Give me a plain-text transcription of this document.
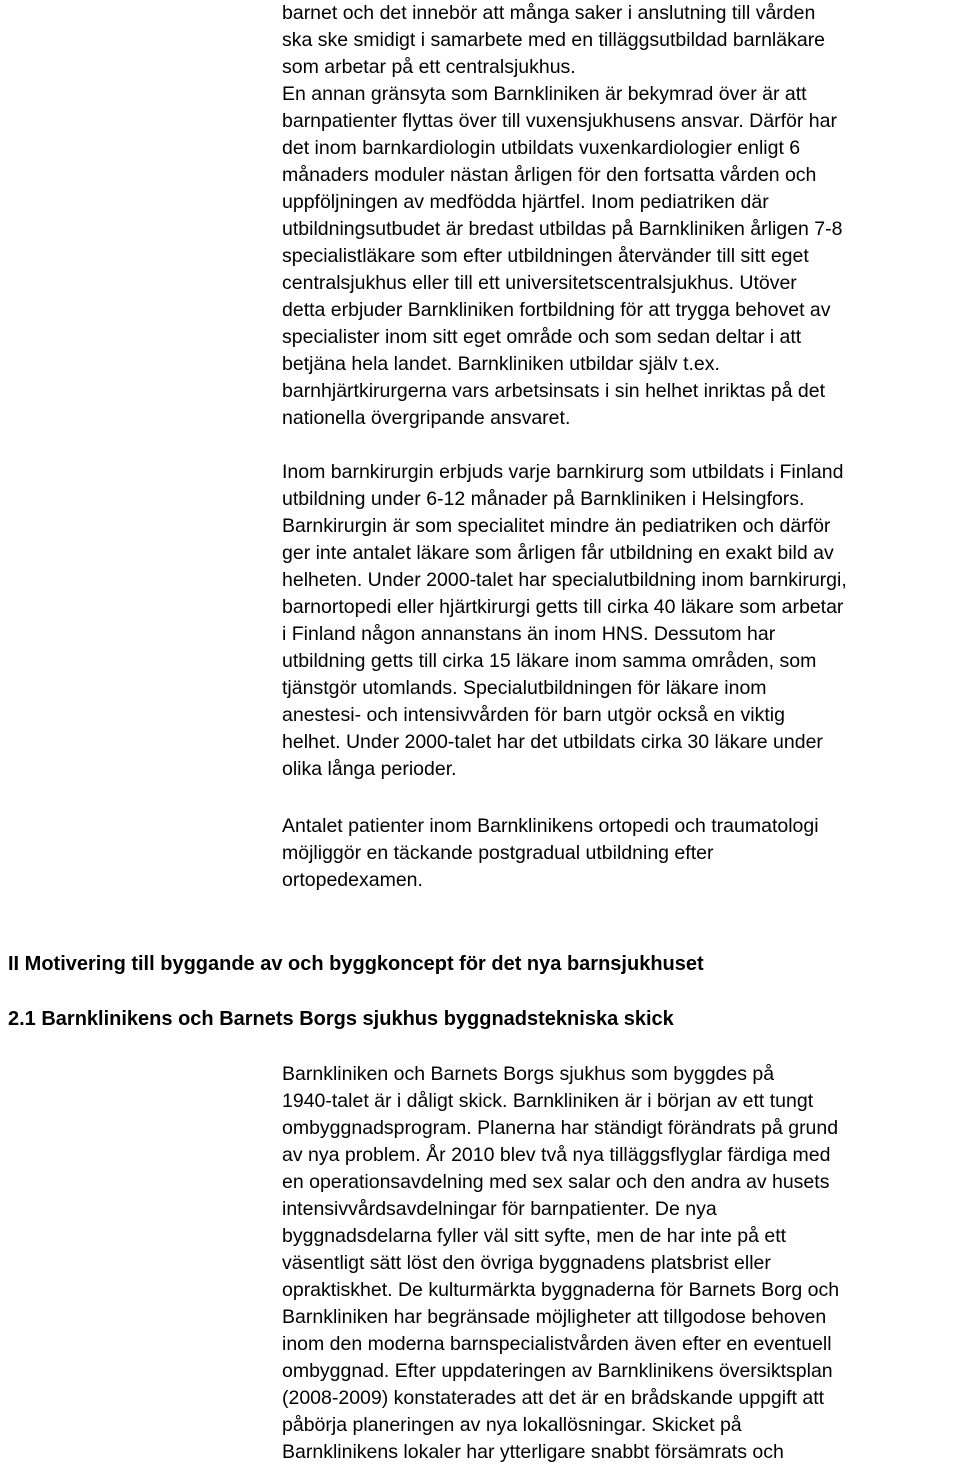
barnet och det innebör att många saker i anslutning till vården
ska ske smidigt i samarbete med en tilläggsutbildad barnläkare
som arbetar på ett centralsjukhus.
En annan gränsyta som Barnkliniken är bekymrad över är att
barnpatienter flyttas över till vuxensjukhusens ansvar. Därför har
det inom barnkardiologin utbildats vuxenkardiologier enligt 6
månaders moduler nästan årligen för den fortsatta vården och
uppföljningen av medfödda hjärtfel. Inom pediatriken där
utbildningsutbudet är bredast utbildas på Barnkliniken årligen 7-8
specialistläkare som efter utbildningen återvänder till sitt eget
centralsjukhus eller till ett universitetscentralsjukhus. Utöver
detta erbjuder Barnkliniken fortbildning för att trygga behovet av
specialister inom sitt eget område och som sedan deltar i att
betjäna hela landet. Barnkliniken utbildar själv t.ex.
barnhjärtkirurgerna vars arbetsinsats i sin helhet inriktas på det
nationella övergripande ansvaret.
Inom barnkirurgin erbjuds varje barnkirurg som utbildats i Finland
utbildning under 6-12 månader på Barnkliniken i Helsingfors.
Barnkirurgin är som specialitet mindre än pediatriken och därför
ger inte antalet läkare som årligen får utbildning en exakt bild av
helheten. Under 2000-talet har specialutbildning inom barnkirurgi,
barnortopedi eller hjärtkirurgi getts till cirka 40 läkare som arbetar
i Finland någon annanstans än inom HNS. Dessutom har
utbildning getts till cirka 15 läkare inom samma områden, som
tjänstgör utomlands. Specialutbildningen för läkare inom
anestesi- och intensivvården för barn utgör också en viktig
helhet. Under 2000-talet har det utbildats cirka 30 läkare under
olika långa perioder.
Antalet patienter inom Barnklinikens ortopedi och traumatologi
möjliggör en täckande postgradual utbildning efter
ortopedexamen.
II Motivering till byggande av och byggkoncept för det nya barnsjukhuset
2.1 Barnklinikens och Barnets Borgs sjukhus byggnadstekniska skick
Barnkliniken och Barnets Borgs sjukhus som byggdes på
1940-talet är i dåligt skick. Barnkliniken är i början av ett tungt
ombyggnadsprogram. Planerna har ständigt förändrats på grund
av nya problem. År 2010 blev två nya tilläggsflyglar färdiga med
en operationsavdelning med sex salar och den andra av husets
intensivvårdsavdelningar för barnpatienter. De nya
byggnadsdelarna fyller väl sitt syfte, men de har inte på ett
väsentligt sätt löst den övriga byggnadens platsbrist eller
opraktiskhet. De kulturmärkta byggnaderna för Barnets Borg och
Barnkliniken har begränsade möjligheter att tillgodose behoven
inom den moderna barnspecialistvården även efter en eventuell
ombyggnad. Efter uppdateringen av Barnklinikens översiktsplan
(2008-2009) konstaterades att det är en brådskande uppgift att
påbörja planeringen av nya lokallösningar. Skicket på
Barnklinikens lokaler har ytterligare snabbt försämrats och
